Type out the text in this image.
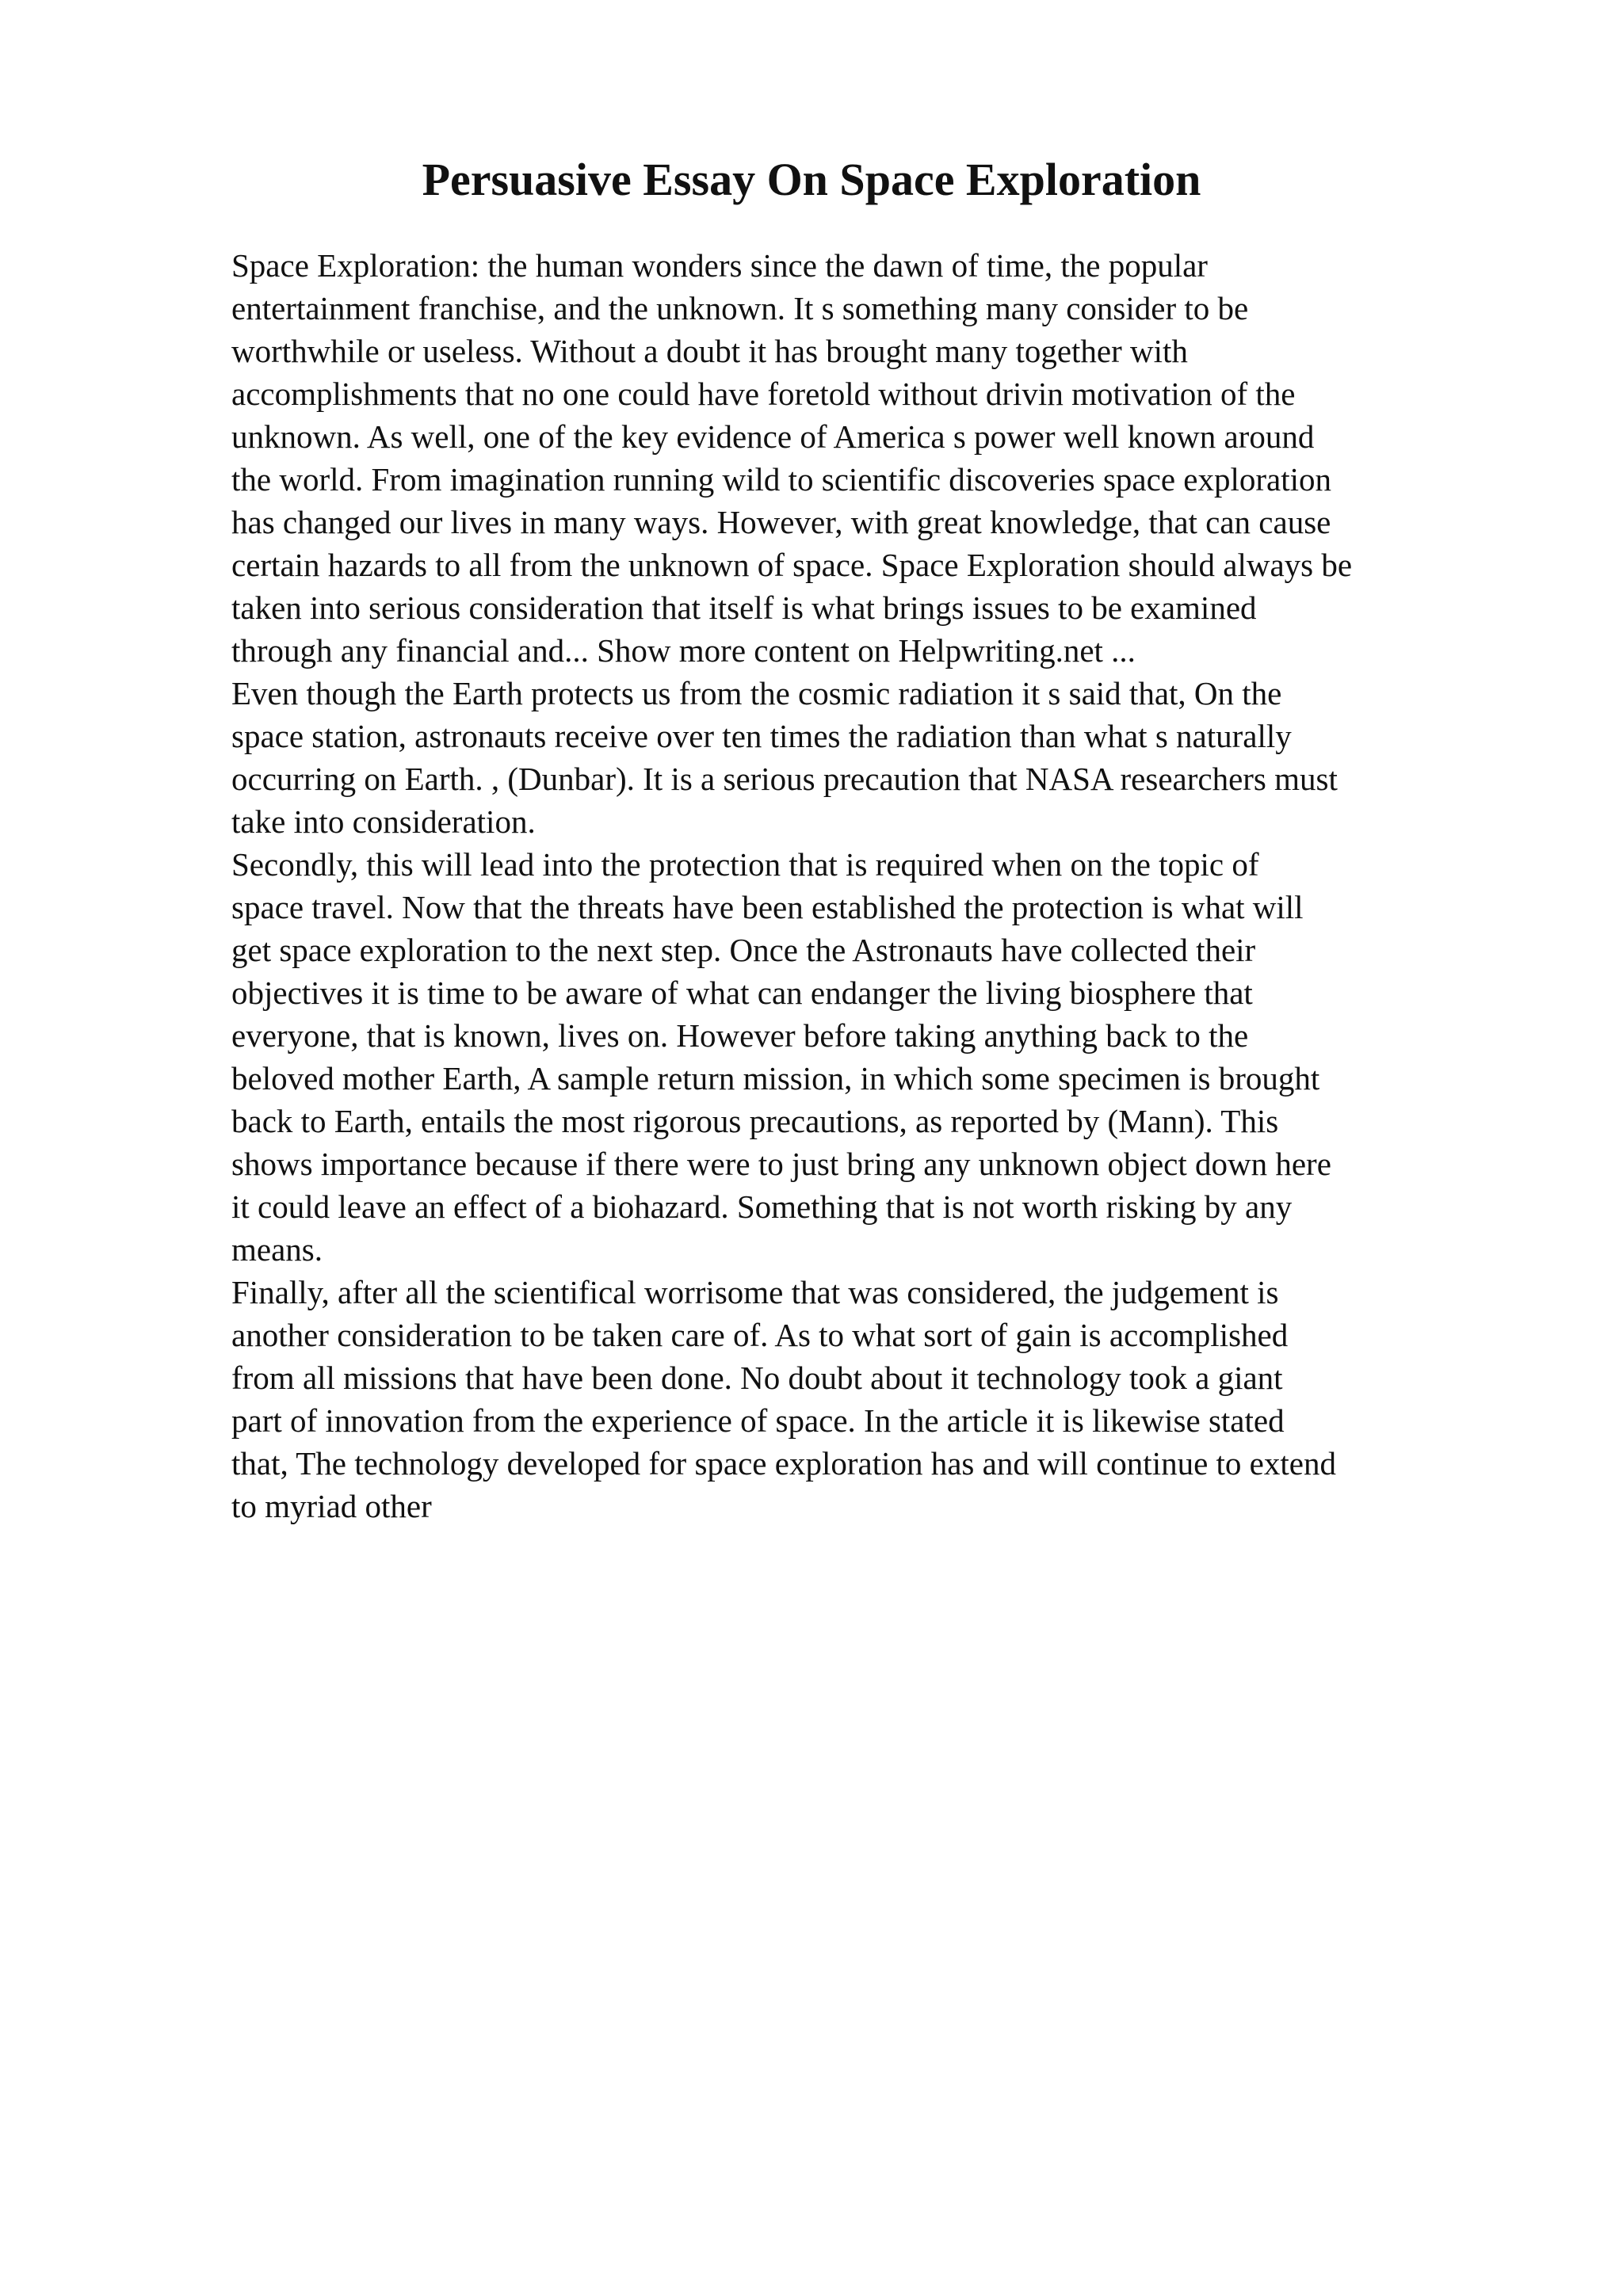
Persuasive Essay On Space Exploration
Space Exploration: the human wonders since the dawn of time, the popular
entertainment franchise, and the unknown. It s something many consider to be
worthwhile or useless. Without a doubt it has brought many together with
accomplishments that no one could have foretold without drivin motivation of the
unknown. As well, one of the key evidence of America s power well known around
the world. From imagination running wild to scientific discoveries space exploration
has changed our lives in many ways. However, with great knowledge, that can cause
certain hazards to all from the unknown of space. Space Exploration should always be
taken into serious consideration that itself is what brings issues to be examined
through any financial and... Show more content on Helpwriting.net ...
Even though the Earth protects us from the cosmic radiation it s said that, On the
space station, astronauts receive over ten times the radiation than what s naturally
occurring on Earth. , (Dunbar). It is a serious precaution that NASA researchers must
take into consideration.
Secondly, this will lead into the protection that is required when on the topic of
space travel. Now that the threats have been established the protection is what will
get space exploration to the next step. Once the Astronauts have collected their
objectives it is time to be aware of what can endanger the living biosphere that
everyone, that is known, lives on. However before taking anything back to the
beloved mother Earth, A sample return mission, in which some specimen is brought
back to Earth, entails the most rigorous precautions, as reported by (Mann). This
shows importance because if there were to just bring any unknown object down here
it could leave an effect of a biohazard. Something that is not worth risking by any
means.
Finally, after all the scientifical worrisome that was considered, the judgement is
another consideration to be taken care of. As to what sort of gain is accomplished
from all missions that have been done. No doubt about it technology took a giant
part of innovation from the experience of space. In the article it is likewise stated
that, The technology developed for space exploration has and will continue to extend
to myriad other
